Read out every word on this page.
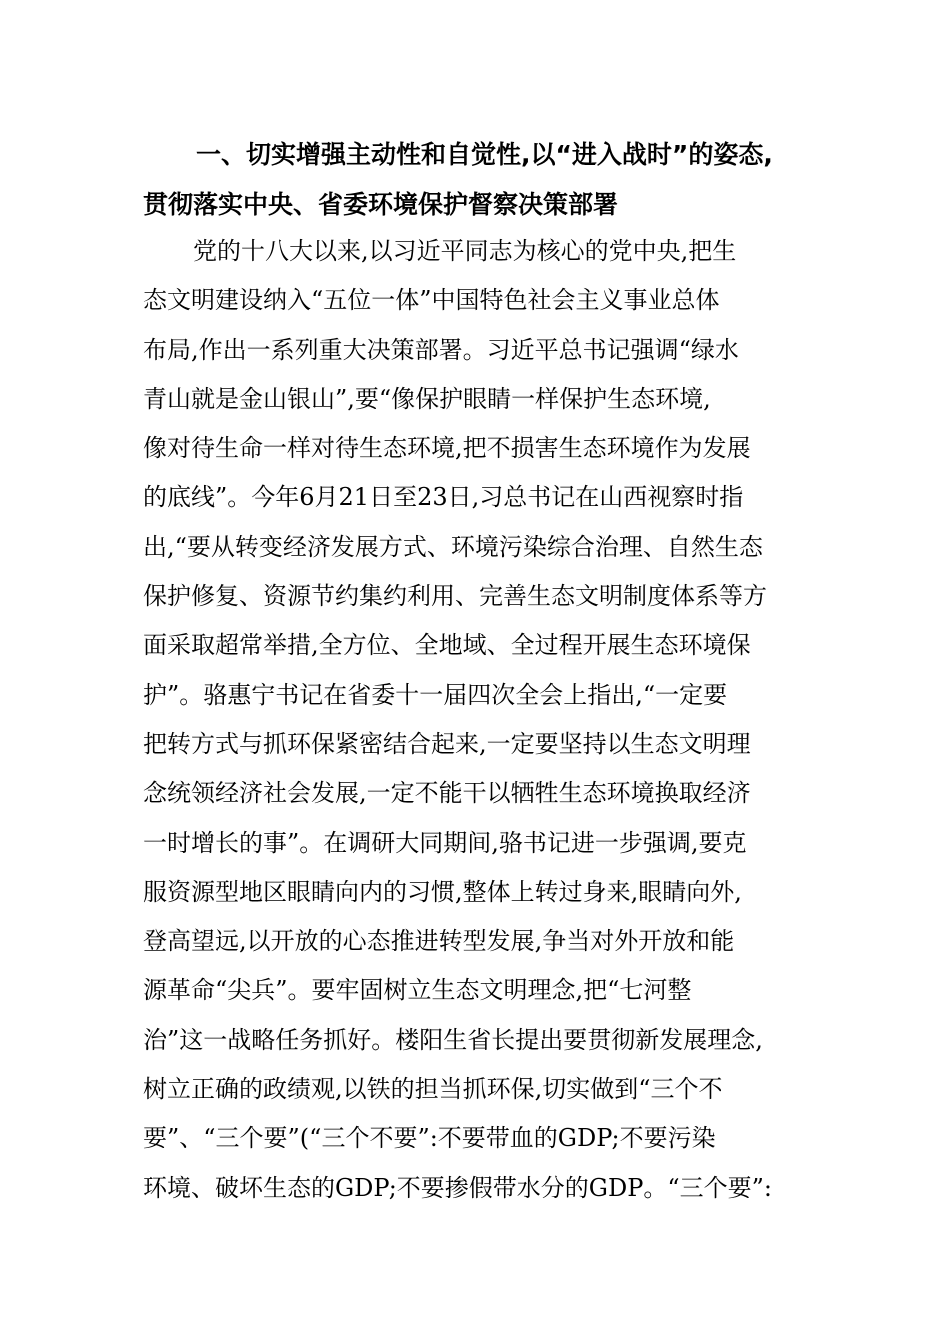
一、切实增强主动性和自觉性,以“进入战时”的姿态,
贯彻落实中央、省委环境保护督察决策部署
党的十八大以来,以习近平同志为核心的党中央,把生
态文明建设纳入“五位一体”中国特色社会主义事业总体
布局,作出一系列重大决策部署。习近平总书记强调“绿水
青山就是金山银山”,要“像保护眼睛一样保护生态环境,
像对待生命一样对待生态环境,把不损害生态环境作为发展
的底线”。今年6月21日至23日,习总书记在山西视察时指
出,“要从转变经济发展方式、环境污染综合治理、自然生态
保护修复、资源节约集约利用、完善生态文明制度体系等方
面采取超常举措,全方位、全地域、全过程开展生态环境保
护”。骆惠宁书记在省委十一届四次全会上指出,“一定要
把转方式与抓环保紧密结合起来,一定要坚持以生态文明理
念统领经济社会发展,一定不能干以牺牲生态环境换取经济
一时增长的事”。在调研大同期间,骆书记进一步强调,要克
服资源型地区眼睛向内的习惯,整体上转过身来,眼睛向外,
登高望远,以开放的心态推进转型发展,争当对外开放和能
源革命“尖兵”。要牢固树立生态文明理念,把“七河整
治”这一战略任务抓好。楼阳生省长提出要贯彻新发展理念,
树立正确的政绩观,以铁的担当抓环保,切实做到“三个不
要”、“三个要”(“三个不要”:不要带血的GDP;不要污染
环境、破坏生态的GDP;不要掺假带水分的GDP。“三个要”:
